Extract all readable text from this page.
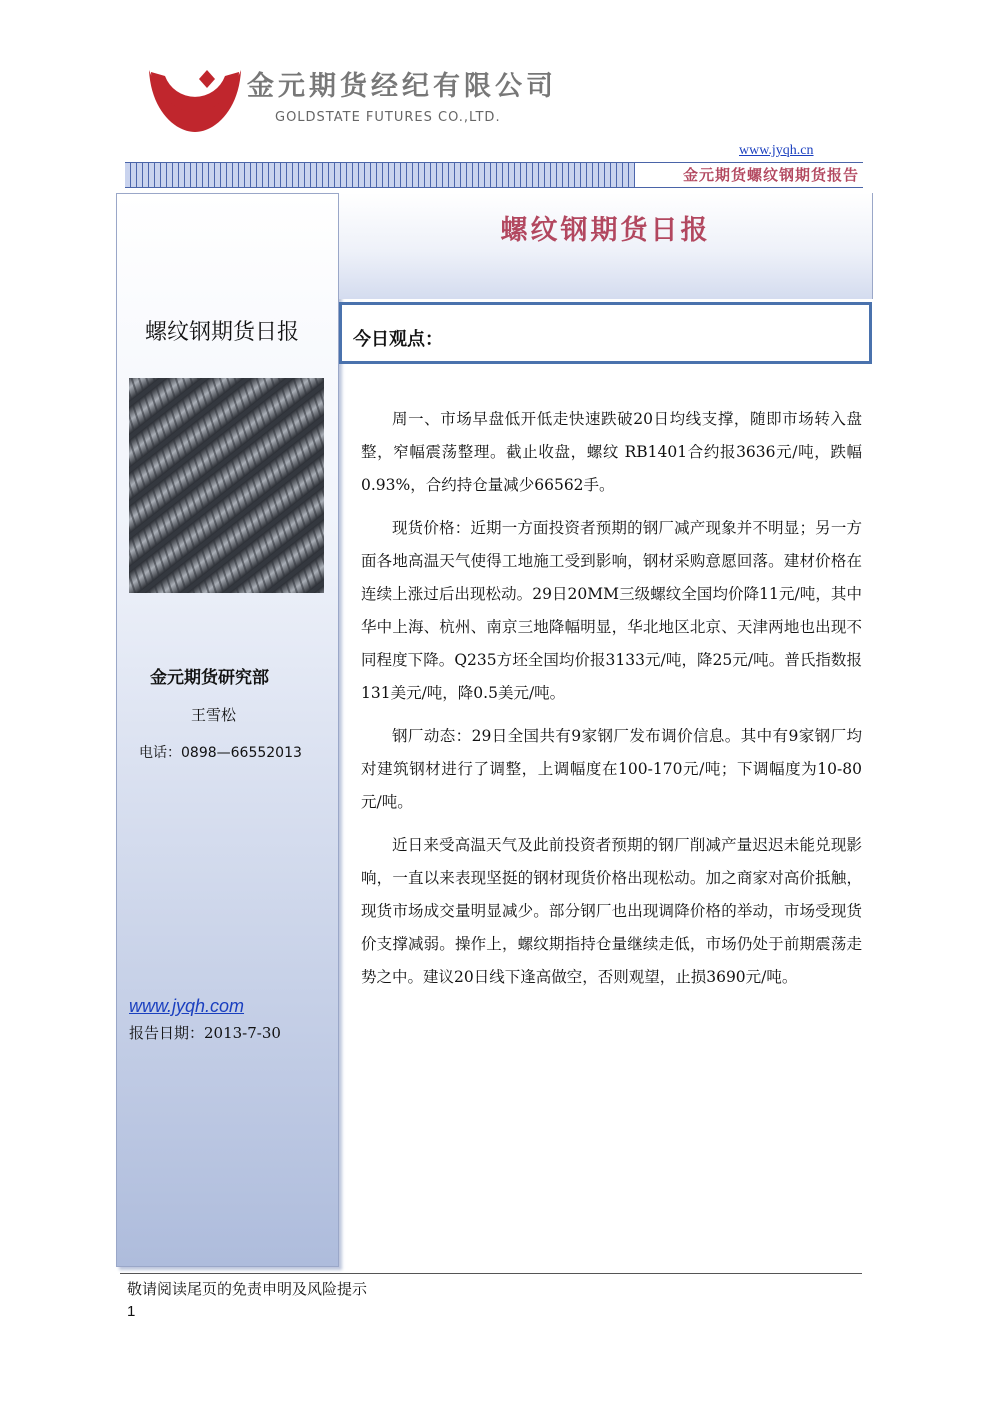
金元期货经纪有限公司
GOLDSTATE FUTURES CO.,LTD.
www.jyqh.cn
金元期货螺纹钢期货报告
螺纹钢期货日报
金元期货研究部
王雪松
电话：0898—66552013
www.jyqh.com
报告日期：2013-7-30
螺纹钢期货日报
今日观点：

周一、市场早盘低开低走快速跌破20日均线支撑，随即市场转入盘整，窄幅震荡整理。截止收盘，螺纹 RB1401合约报3636元/吨，跌幅0.93%，合约持仓量减少66562手。

现货价格：近期一方面投资者预期的钢厂减产现象并不明显；另一方面各地高温天气使得工地施工受到影响，钢材采购意愿回落。建材价格在连续上涨过后出现松动。29日20MM三级螺纹全国均价降11元/吨，其中华中上海、杭州、南京三地降幅明显，华北地区北京、天津两地也出现不同程度下降。Q235方坯全国均价报3133元/吨，降25元/吨。普氏指数报131美元/吨，降0.5美元/吨。

钢厂动态：29日全国共有9家钢厂发布调价信息。其中有9家钢厂均对建筑钢材进行了调整，上调幅度在100-170元/吨；下调幅度为10-80元/吨。

近日来受高温天气及此前投资者预期的钢厂削减产量迟迟未能兑现影响，一直以来表现坚挺的钢材现货价格出现松动。加之商家对高价抵触，现货市场成交量明显减少。部分钢厂也出现调降价格的举动，市场受现货价支撑减弱。操作上，螺纹期指持仓量继续走低，市场仍处于前期震荡走势之中。建议20日线下逢高做空，否则观望，止损3690元/吨。

敬请阅读尾页的免责申明及风险提示
1
